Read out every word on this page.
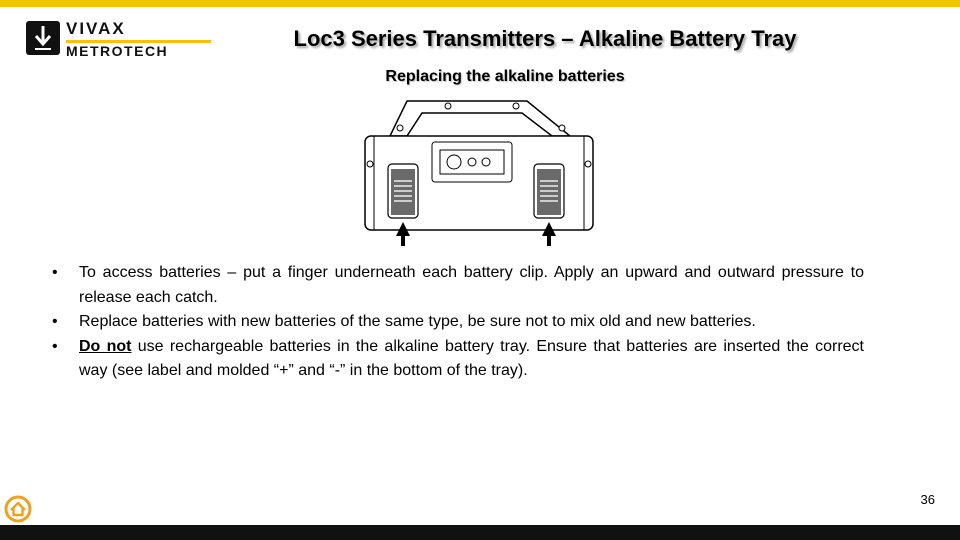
VIVAX
METROTECH	Loc3 Series Transmitters – Alkaline Battery Tray
Replacing the alkaline batteries
• To access batteries – put a finger underneath each battery clip. Apply an upward and outward pressure to release each catch.
• Replace batteries with new batteries of the same type, be sure not to mix old and new batteries.
• Do not use rechargeable batteries in the alkaline battery tray. Ensure that batteries are inserted the correct way (see label and molded “+” and “-” in the bottom of the tray).
36
